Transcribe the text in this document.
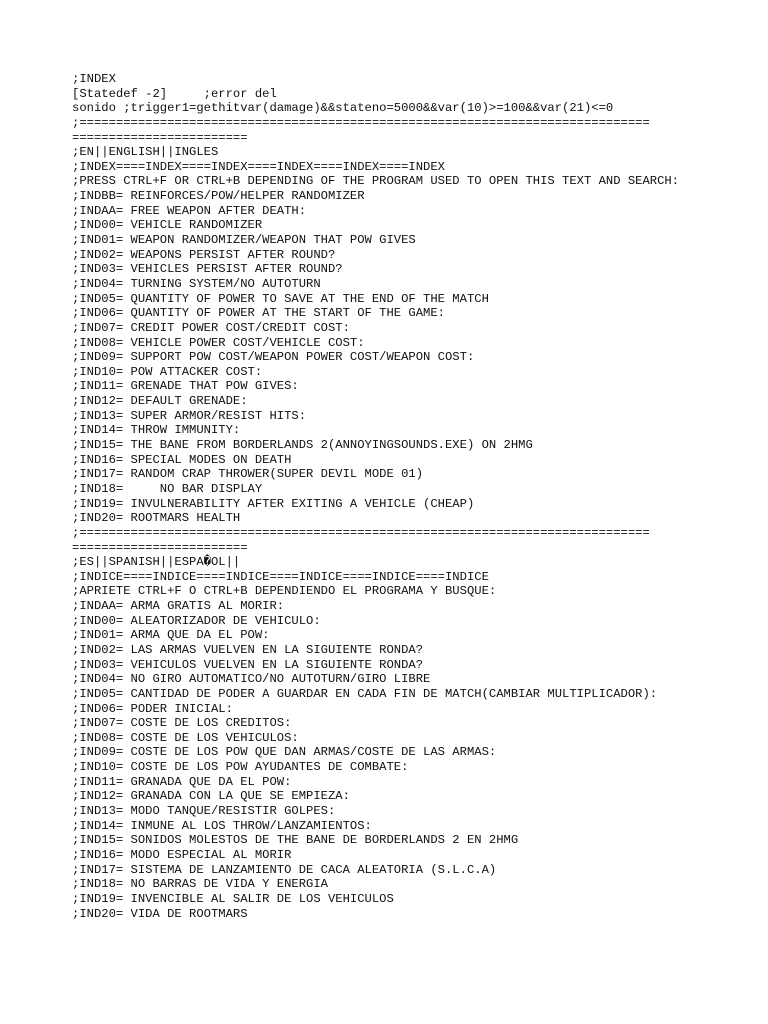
;INDEX
[Statedef -2]     ;error del
sonido ;trigger1=gethitvar(damage)&&stateno=5000&&var(10)>=100&&var(21)<=0
;==============================================================================
========================
;EN||ENGLISH||INGLES
;INDEX====INDEX====INDEX====INDEX====INDEX====INDEX
;PRESS CTRL+F OR CTRL+B DEPENDING OF THE PROGRAM USED TO OPEN THIS TEXT AND SEARCH:
;INDBB= REINFORCES/POW/HELPER RANDOMIZER
;INDAA= FREE WEAPON AFTER DEATH:
;IND00= VEHICLE RANDOMIZER
;IND01= WEAPON RANDOMIZER/WEAPON THAT POW GIVES
;IND02= WEAPONS PERSIST AFTER ROUND?
;IND03= VEHICLES PERSIST AFTER ROUND?
;IND04= TURNING SYSTEM/NO AUTOTURN
;IND05= QUANTITY OF POWER TO SAVE AT THE END OF THE MATCH
;IND06= QUANTITY OF POWER AT THE START OF THE GAME:
;IND07= CREDIT POWER COST/CREDIT COST:
;IND08= VEHICLE POWER COST/VEHICLE COST:
;IND09= SUPPORT POW COST/WEAPON POWER COST/WEAPON COST:
;IND10= POW ATTACKER COST:
;IND11= GRENADE THAT POW GIVES:
;IND12= DEFAULT GRENADE:
;IND13= SUPER ARMOR/RESIST HITS:
;IND14= THROW IMMUNITY:
;IND15= THE BANE FROM BORDERLANDS 2(ANNOYINGSOUNDS.EXE) ON 2HMG
;IND16= SPECIAL MODES ON DEATH
;IND17= RANDOM CRAP THROWER(SUPER DEVIL MODE 01)
;IND18=     NO BAR DISPLAY
;IND19= INVULNERABILITY AFTER EXITING A VEHICLE (CHEAP)
;IND20= ROOTMARS HEALTH
;==============================================================================
========================
;ES||SPANISH||ESPA�OL||
;INDICE====INDICE====INDICE====INDICE====INDICE====INDICE
;APRIETE CTRL+F O CTRL+B DEPENDIENDO EL PROGRAMA Y BUSQUE:
;INDAA= ARMA GRATIS AL MORIR:
;IND00= ALEATORIZADOR DE VEHICULO:
;IND01= ARMA QUE DA EL POW:
;IND02= LAS ARMAS VUELVEN EN LA SIGUIENTE RONDA?
;IND03= VEHICULOS VUELVEN EN LA SIGUIENTE RONDA?
;IND04= NO GIRO AUTOMATICO/NO AUTOTURN/GIRO LIBRE
;IND05= CANTIDAD DE PODER A GUARDAR EN CADA FIN DE MATCH(CAMBIAR MULTIPLICADOR):
;IND06= PODER INICIAL:
;IND07= COSTE DE LOS CREDITOS:
;IND08= COSTE DE LOS VEHICULOS:
;IND09= COSTE DE LOS POW QUE DAN ARMAS/COSTE DE LAS ARMAS:
;IND10= COSTE DE LOS POW AYUDANTES DE COMBATE:
;IND11= GRANADA QUE DA EL POW:
;IND12= GRANADA CON LA QUE SE EMPIEZA:
;IND13= MODO TANQUE/RESISTIR GOLPES:
;IND14= INMUNE AL LOS THROW/LANZAMIENTOS:
;IND15= SONIDOS MOLESTOS DE THE BANE DE BORDERLANDS 2 EN 2HMG
;IND16= MODO ESPECIAL AL MORIR
;IND17= SISTEMA DE LANZAMIENTO DE CACA ALEATORIA (S.L.C.A)
;IND18= NO BARRAS DE VIDA Y ENERGIA
;IND19= INVENCIBLE AL SALIR DE LOS VEHICULOS
;IND20= VIDA DE ROOTMARS
